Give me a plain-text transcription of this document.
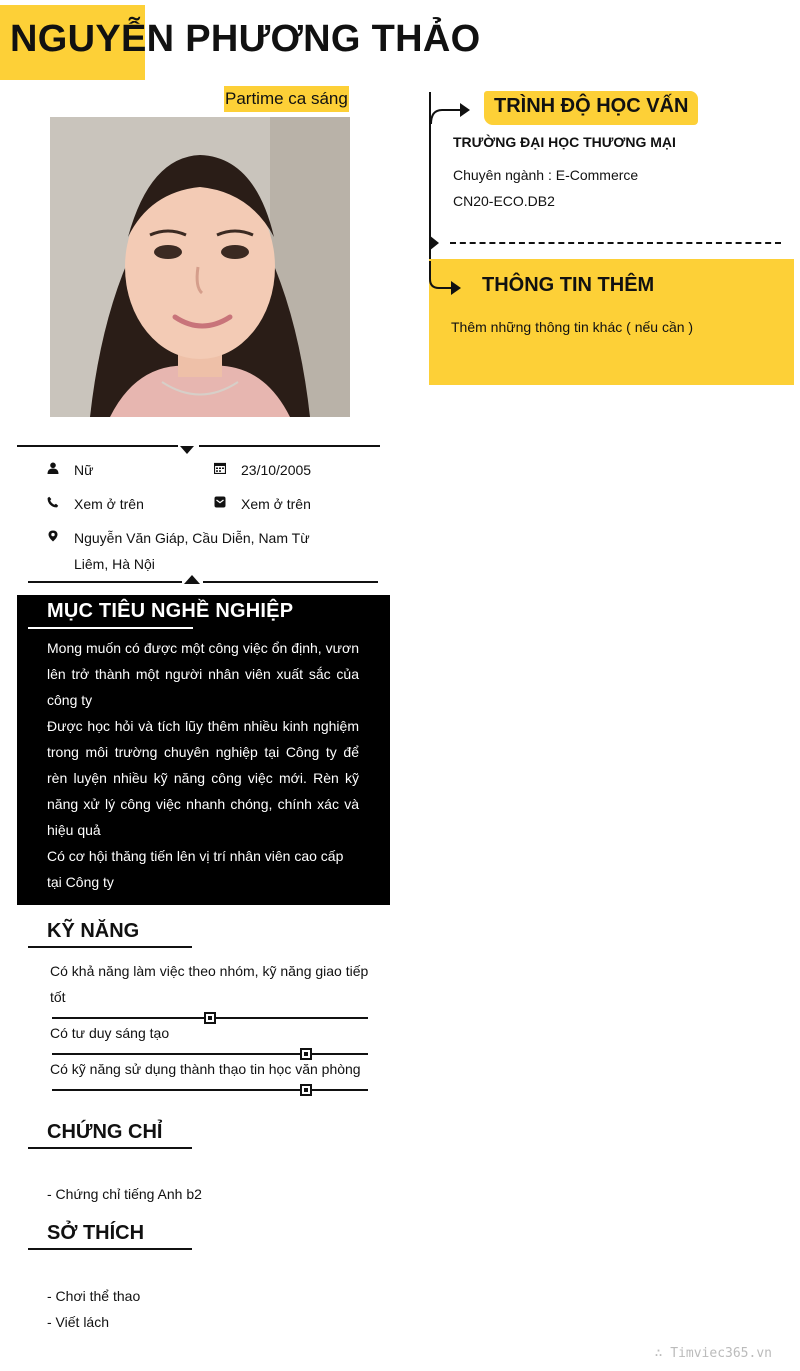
NGUYỄN PHƯƠNG THẢO
Partime ca sáng
Nữ	23/10/2005
Xem ở trên	Xem ở trên
Nguyễn Văn Giáp, Cầu Diễn, Nam Từ Liêm, Hà Nội
MỤC TIÊU NGHỀ NGHIỆP

Mong muốn có được một công việc ổn định, vươn lên trở thành một người nhân viên xuất sắc của công ty

Được học hỏi và tích lũy thêm nhiều kinh nghiệm trong môi trường chuyên nghiệp tại Công ty để rèn luyện nhiều kỹ năng công việc mới. Rèn kỹ năng xử lý công việc nhanh chóng, chính xác và hiệu quả

Có cơ hội thăng tiến lên vị trí nhân viên cao cấp tại Công ty

KỸ NĂNG
Có khả năng làm việc theo nhóm, kỹ năng giao tiếp tốt
Có tư duy sáng tạo
Có kỹ năng sử dụng thành thạo tin học văn phòng
CHỨNG CHỈ
- Chứng chỉ tiếng Anh b2
SỞ THÍCH
- Chơi thể thao
- Viết lách
TRÌNH ĐỘ HỌC VẤN
TRƯỜNG ĐẠI HỌC THƯƠNG MẠI
Chuyên ngành : E-Commerce
CN20-ECO.DB2
THÔNG TIN THÊM
Thêm những thông tin khác ( nếu cần )
∴ Timviec365.vn
